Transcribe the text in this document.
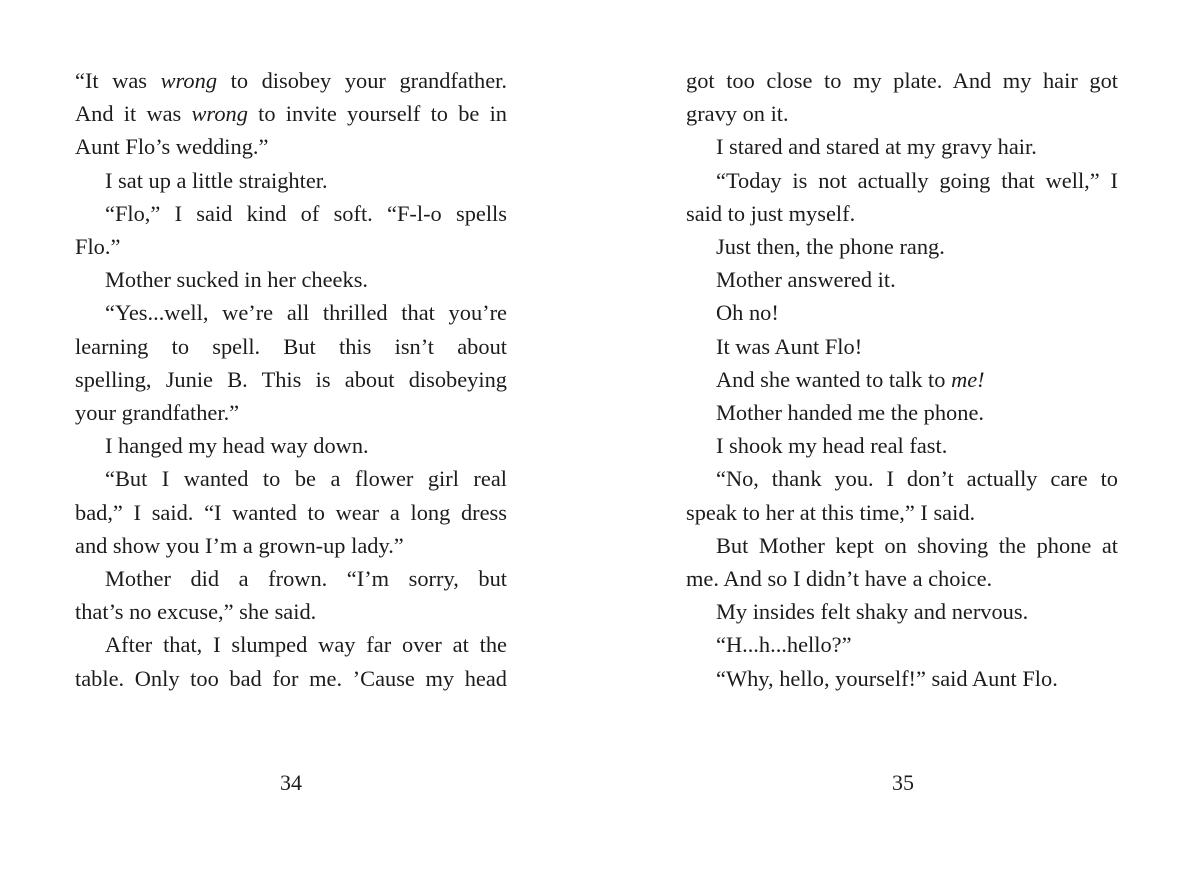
“It was wrong to disobey your grandfather.
And it was wrong to invite yourself to be in
Aunt Flo’s wedding.”
I sat up a little straighter.
“Flo,” I said kind of soft. “F-l-o spells
Flo.”
Mother sucked in her cheeks.
“Yes...well, we’re all thrilled that you’re
learning to spell. But this isn’t about
spelling, Junie B. This is about disobeying
your grandfather.”
I hanged my head way down.
“But I wanted to be a flower girl real
bad,” I said. “I wanted to wear a long dress
and show you I’m a grown-up lady.”
Mother did a frown. “I’m sorry, but
that’s no excuse,” she said.
After that, I slumped way far over at the
table. Only too bad for me. ’Cause my head
34
got too close to my plate. And my hair got
gravy on it.
I stared and stared at my gravy hair.
“Today is not actually going that well,” I
said to just myself.
Just then, the phone rang.
Mother answered it.
Oh no!
It was Aunt Flo!
And she wanted to talk to me!
Mother handed me the phone.
I shook my head real fast.
“No, thank you. I don’t actually care to
speak to her at this time,” I said.
But Mother kept on shoving the phone at
me. And so I didn’t have a choice.
My insides felt shaky and nervous.
“H...h...hello?”
“Why, hello, yourself!” said Aunt Flo.
35
